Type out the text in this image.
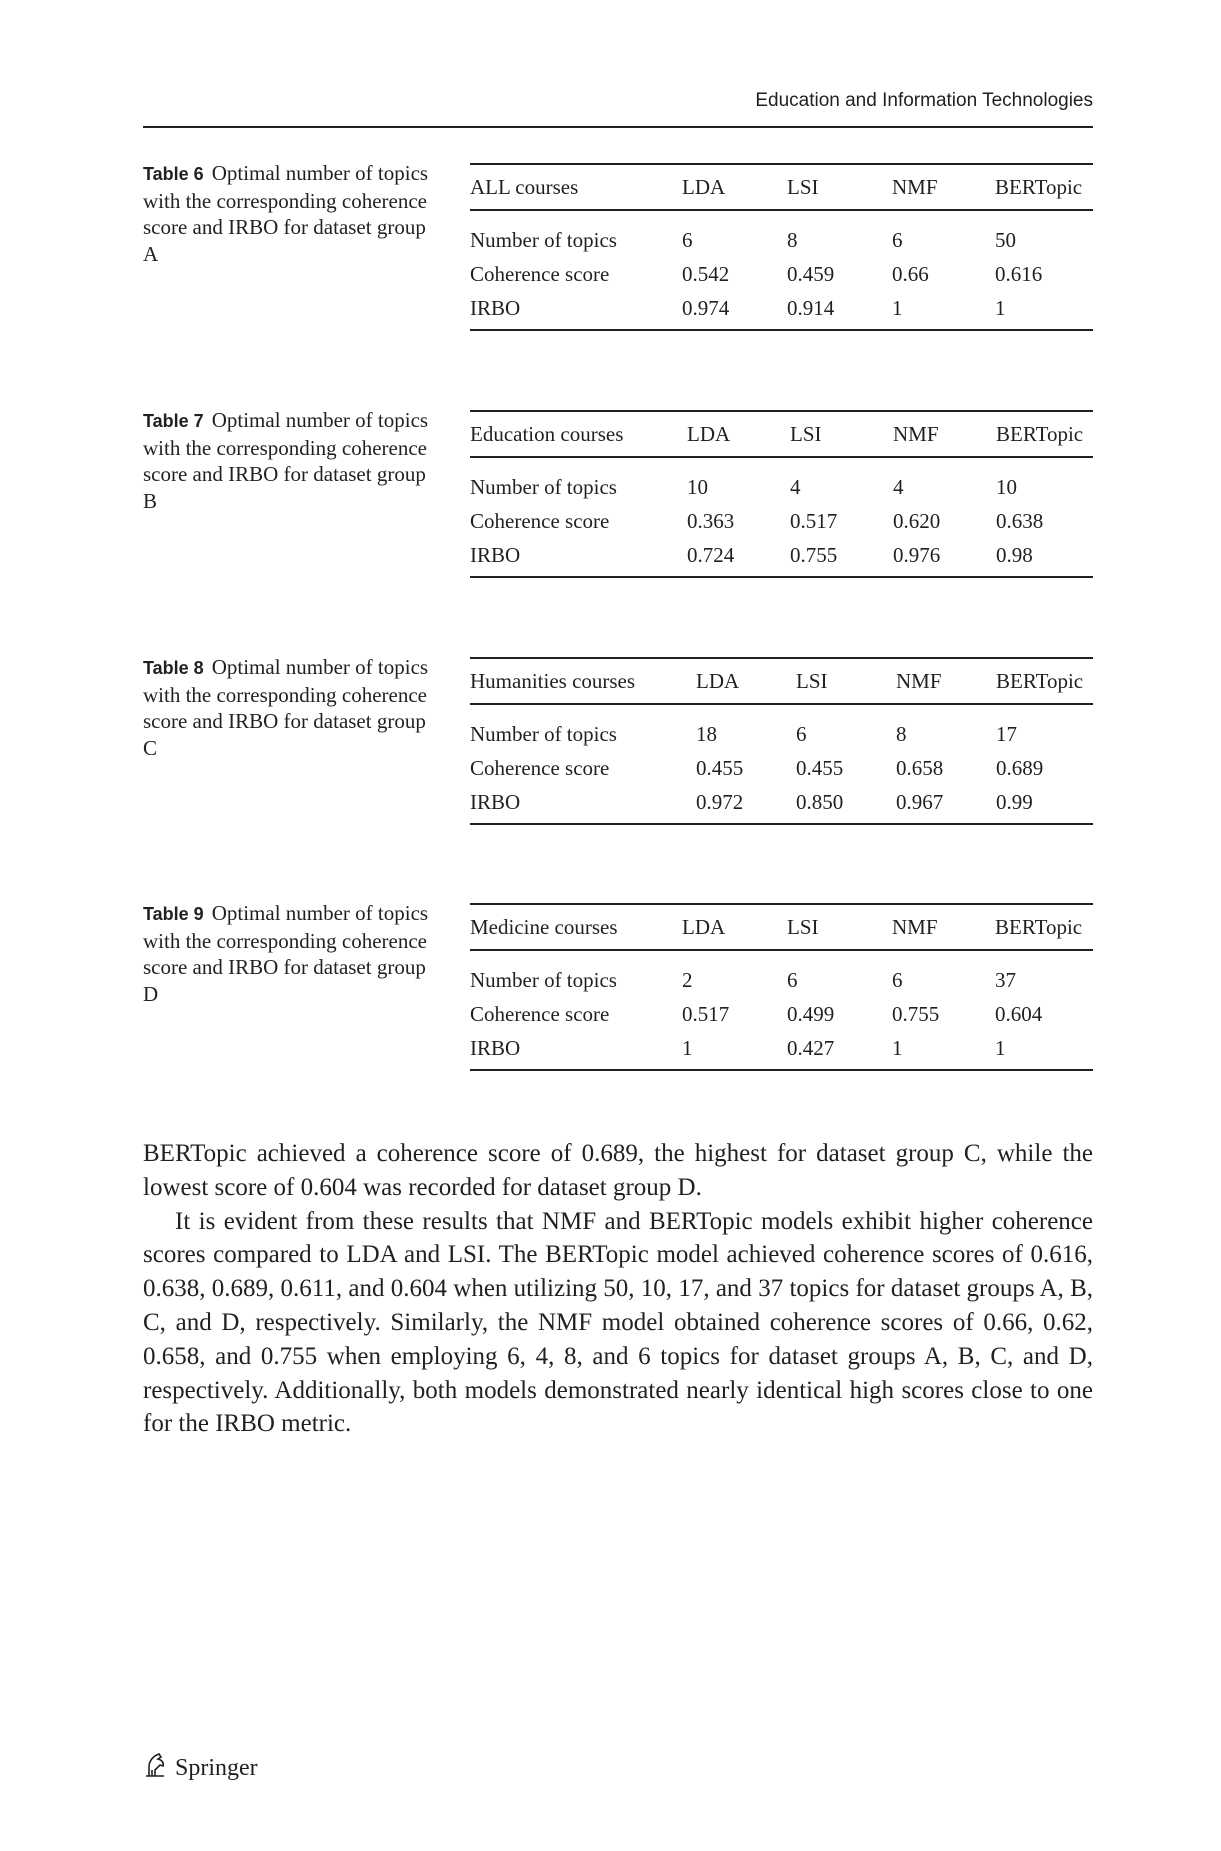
Education and Information Technologies
Table 6 Optimal number of topics with the corresponding coherence score and IRBO for dataset group A
ALL courses	LDA	LSI	NMF	BERTopic
Number of topics	6	8	6	50
Coherence score	0.542	0.459	0.66	0.616
IRBO	0.974	0.914	1	1
Table 7 Optimal number of topics with the corresponding coherence score and IRBO for dataset group B
Education courses	LDA	LSI	NMF	BERTopic
Number of topics	10	4	4	10
Coherence score	0.363	0.517	0.620	0.638
IRBO	0.724	0.755	0.976	0.98
Table 8 Optimal number of topics with the corresponding coherence score and IRBO for dataset group C
Humanities courses	LDA	LSI	NMF	BERTopic
Number of topics	18	6	8	17
Coherence score	0.455	0.455	0.658	0.689
IRBO	0.972	0.850	0.967	0.99
Table 9 Optimal number of topics with the corresponding coherence score and IRBO for dataset group D
Medicine courses	LDA	LSI	NMF	BERTopic
Number of topics	2	6	6	37
Coherence score	0.517	0.499	0.755	0.604
IRBO	1	0.427	1	1

BERTopic achieved a coherence score of 0.689, the highest for dataset group C, while the lowest score of 0.604 was recorded for dataset group D.

It is evident from these results that NMF and BERTopic models exhibit higher coherence scores compared to LDA and LSI. The BERTopic model achieved coherence scores of 0.616, 0.638, 0.689, 0.611, and 0.604 when utilizing 50, 10, 17, and 37 topics for dataset groups A, B, C, and D, respectively. Similarly, the NMF model obtained coherence scores of 0.66, 0.62, 0.658, and 0.755 when employing 6, 4, 8, and 6 topics for dataset groups A, B, C, and D, respectively. Additionally, both models demonstrated nearly identical high scores close to one for the IRBO metric.

Springer
